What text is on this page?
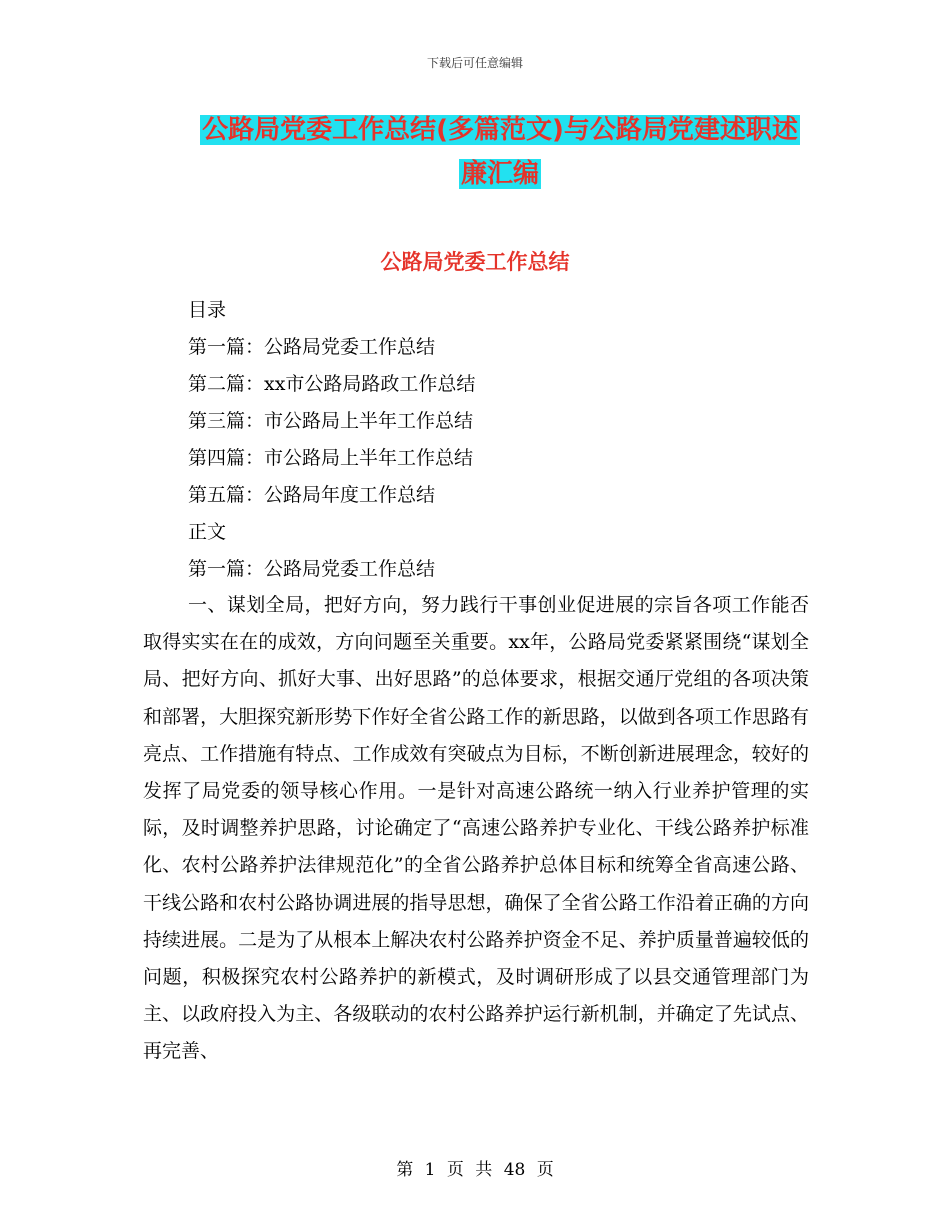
下载后可任意编辑
公路局党委工作总结(多篇范文)与公路局党建述职述
廉汇编
公路局党委工作总结
目录
第一篇：公路局党委工作总结
第二篇：xx市公路局路政工作总结
第三篇：市公路局上半年工作总结
第四篇：市公路局上半年工作总结
第五篇：公路局年度工作总结
正文
第一篇：公路局党委工作总结
一、谋划全局，把好方向，努力践行干事创业促进展的宗旨各项工作能否取得实实在在的成效，方向问题至关重要。xx年，公路局党委紧紧围绕“谋划全局、把好方向、抓好大事、出好思路”的总体要求，根据交通厅党组的各项决策和部署，大胆探究新形势下作好全省公路工作的新思路，以做到各项工作思路有亮点、工作措施有特点、工作成效有突破点为目标，不断创新进展理念，较好的发挥了局党委的领导核心作用。一是针对高速公路统一纳入行业养护管理的实际，及时调整养护思路，讨论确定了“高速公路养护专业化、干线公路养护标准化、农村公路养护法律规范化”的全省公路养护总体目标和统筹全省高速公路、干线公路和农村公路协调进展的指导思想，确保了全省公路工作沿着正确的方向持续进展。二是为了从根本上解决农村公路养护资金不足、养护质量普遍较低的问题，积极探究农村公路养护的新模式，及时调研形成了以县交通管理部门为主、以政府投入为主、各级联动的农村公路养护运行新机制，并确定了先试点、再完善、
第 1 页 共 48 页
